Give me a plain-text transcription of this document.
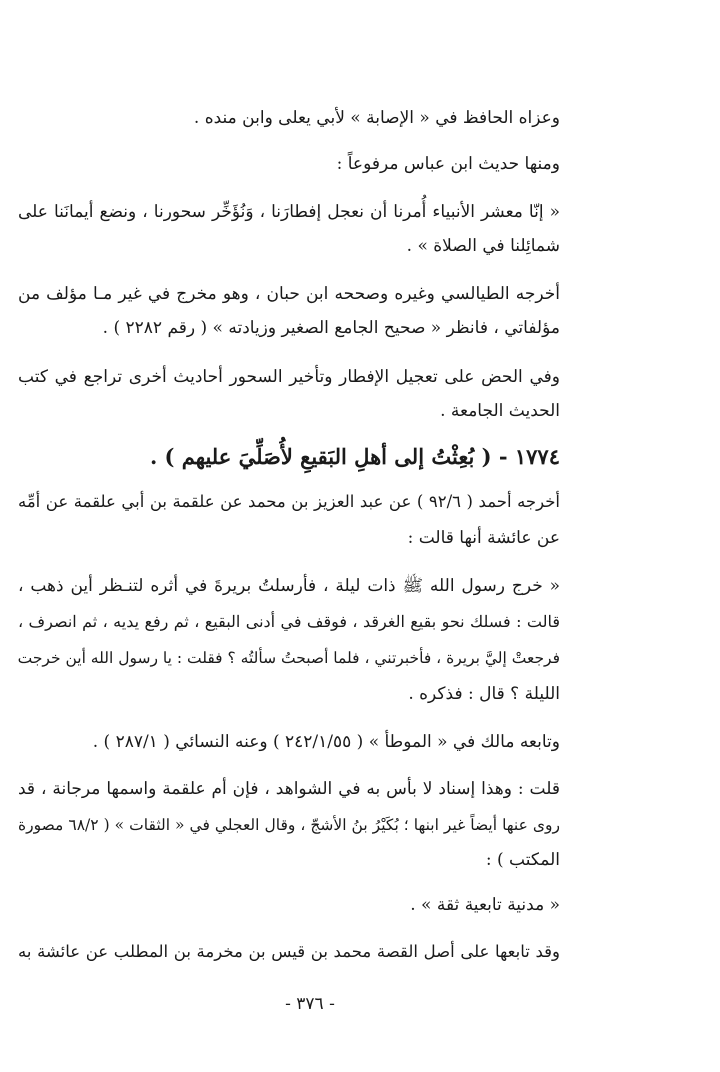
وعزاه الحافظ في « الإصابة » لأبي يعلى وابن منده .
ومنها حديث ابن عباس مرفوعاً :
« إنّا معشر الأنبياء أُمرنا أن نعجل إفطارَنا ، وَنُؤَخِّر سحورنا ، ونضع أيمانَنا على
شمائِلنا في الصلاة » .
أخرجه الطيالسي وغيره وصححه ابن حبان ، وهو مخرج في غير مـا مؤلف من
مؤلفاتي ، فانظر « صحيح الجامع الصغير وزيادته » ( رقم ٢٢٨٢ ) .
وفي الحض على تعجيل الإفطار وتأخير السحور أحاديث أخرى تراجع في كتب
الحديث الجامعة .
١٧٧٤ - ( بُعِثْتُ إلى أهلِ البَقيعِ لأُصَلِّيَ عليهم ) .
أخرجه أحمد ( ٩٢/٦ ) عن عبد العزيز بن محمد عن علقمة بن أبي علقمة عن أمِّه
عن عائشة أنها قالت :
« خرج رسول الله ﷺ ذات ليلة ، فأرسلتُ بريرةَ في أثره لتنـظر أين ذهب ،
قالت : فسلك نحو بقيع الغرقد ، فوقف في أدنى البقيع ، ثم رفع يديه ، ثم انصرف ،
فرجعتْ إليَّ بريرة ، فأخبرتني ، فلما أصبحتُ سألتُه ؟ فقلت : يا رسول الله أين خرجت
الليلة ؟ قال : فذكره .
وتابعه مالك في « الموطأ » ( ٢٤٢/١/٥٥ ) وعنه النسائي ( ٢٨٧/١ ) .
قلت : وهذا إسناد لا بأس به في الشواهد ، فإن أم علقمة واسمها مرجانة ، قد
روى عنها أيضاً غير ابنها ؛ بُكَيْرُ بنُ الأشجّ ، وقال العجلي في « الثقات » ( ٦٨/٢ مصورة
المكتب ) :
« مدنية تابعية ثقة » .
وقد تابعها على أصل القصة محمد بن قيس بن مخرمة بن المطلب عن عائشة به
- ٣٧٦ -
